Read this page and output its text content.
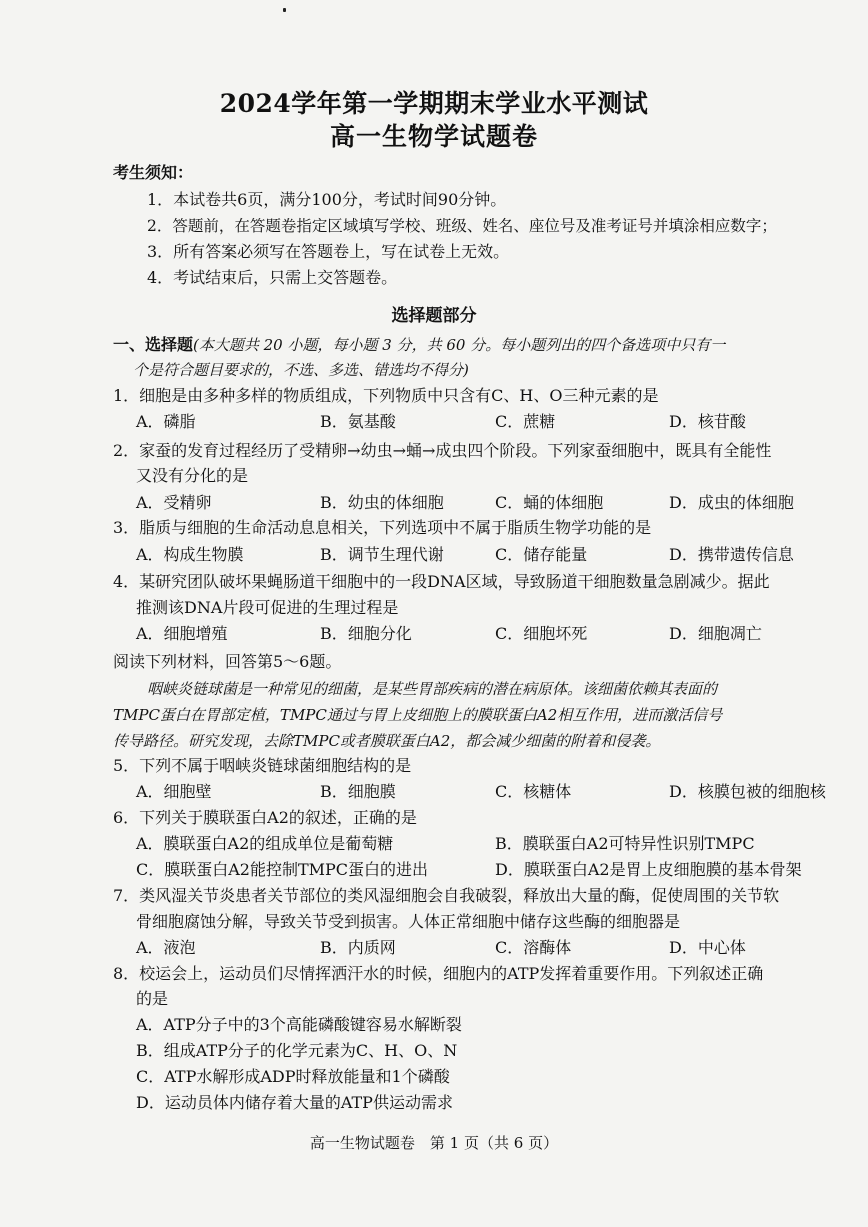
2024学年第一学期期末学业水平测试
高一生物学试题卷
考生须知：
1．本试卷共6页，满分100分，考试时间90分钟。
2．答题前，在答题卷指定区域填写学校、班级、姓名、座位号及准考证号并填涂相应数字；
3．所有答案必须写在答题卷上，写在试卷上无效。
4．考试结束后，只需上交答题卷。
选择题部分
一、选择题(本大题共 20 小题，每小题 3 分，共 60 分。每小题列出的四个备选项中只有一
个是符合题目要求的，不选、多选、错选均不得分)
1．细胞是由多种多样的物质组成，下列物质中只含有C、H、O三种元素的是
A．磷脂	B．氨基酸	C．蔗糖	D．核苷酸
2．家蚕的发育过程经历了受精卵→幼虫→蛹→成虫四个阶段。下列家蚕细胞中，既具有全能性
又没有分化的是
A．受精卵	B．幼虫的体细胞	C．蛹的体细胞	D．成虫的体细胞
3．脂质与细胞的生命活动息息相关，下列选项中不属于脂质生物学功能的是
A．构成生物膜	B．调节生理代谢	C．储存能量	D．携带遗传信息
4．某研究团队破坏果蝇肠道干细胞中的一段DNA区域，导致肠道干细胞数量急剧减少。据此
推测该DNA片段可促进的生理过程是
A．细胞增殖	B．细胞分化	C．细胞坏死	D．细胞凋亡
阅读下列材料，回答第5～6题。
咽峡炎链球菌是一种常见的细菌，是某些胃部疾病的潜在病原体。该细菌依赖其表面的
TMPC蛋白在胃部定植，TMPC通过与胃上皮细胞上的膜联蛋白A2相互作用，进而激活信号
传导路径。研究发现，去除TMPC或者膜联蛋白A2，都会减少细菌的附着和侵袭。
5．下列不属于咽峡炎链球菌细胞结构的是
A．细胞壁	B．细胞膜	C．核糖体	D．核膜包被的细胞核
6．下列关于膜联蛋白A2的叙述，正确的是
A．膜联蛋白A2的组成单位是葡萄糖	B．膜联蛋白A2可特异性识别TMPC
C．膜联蛋白A2能控制TMPC蛋白的进出	D．膜联蛋白A2是胃上皮细胞膜的基本骨架
7．类风湿关节炎患者关节部位的类风湿细胞会自我破裂，释放出大量的酶，促使周围的关节软
骨细胞腐蚀分解，导致关节受到损害。人体正常细胞中储存这些酶的细胞器是
A．液泡	B．内质网	C．溶酶体	D．中心体
8．校运会上，运动员们尽情挥洒汗水的时候，细胞内的ATP发挥着重要作用。下列叙述正确
的是
A．ATP分子中的3个高能磷酸键容易水解断裂
B．组成ATP分子的化学元素为C、H、O、N
C．ATP水解形成ADP时释放能量和1个磷酸
D．运动员体内储存着大量的ATP供运动需求
高一生物试题卷　第 1 页（共 6 页）
